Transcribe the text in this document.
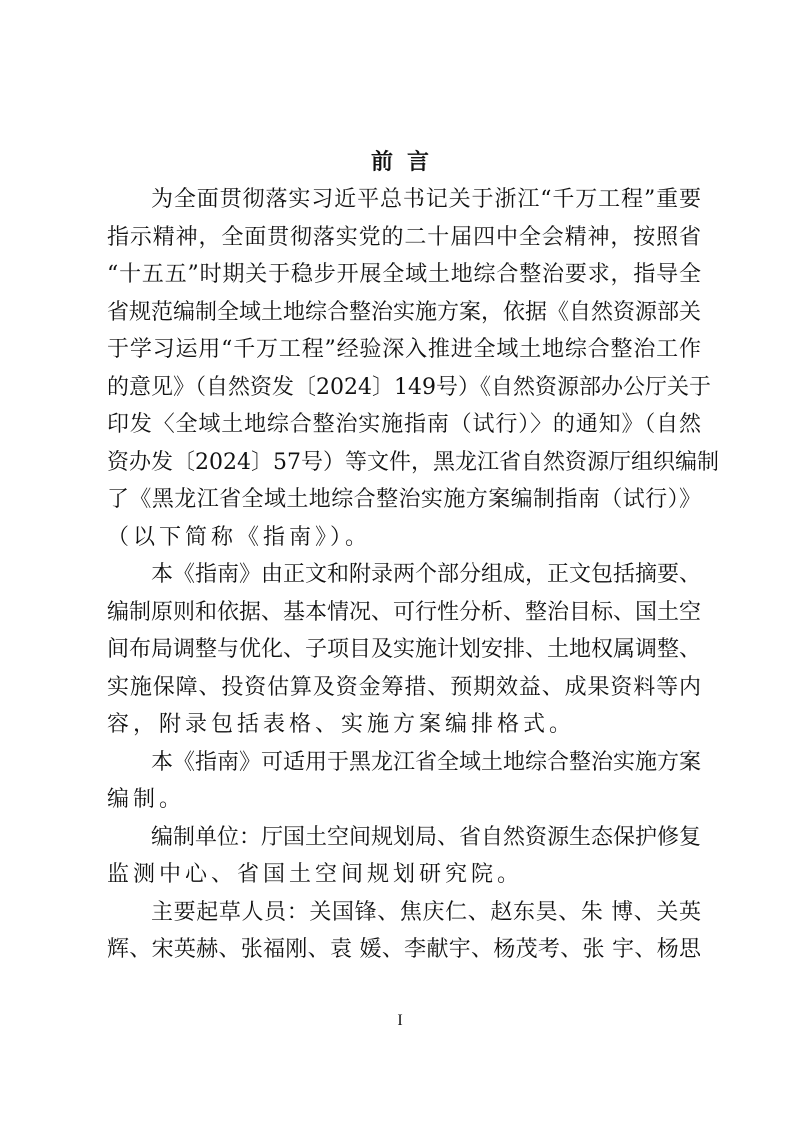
前言
为全面贯彻落实习近平总书记关于浙江“千万工程”重要
指示精神，全面贯彻落实党的二十届四中全会精神，按照省
“十五五”时期关于稳步开展全域土地综合整治要求，指导全
省规范编制全域土地综合整治实施方案，依据《自然资源部关
于学习运用“千万工程”经验深入推进全域土地综合整治工作
的意见》（自然资发〔2024〕149号）《自然资源部办公厅关于
印发〈全域土地综合整治实施指南（试行）〉的通知》（自然
资办发〔2024〕57号）等文件，黑龙江省自然资源厅组织编制
了《黑龙江省全域土地综合整治实施方案编制指南（试行）》
（以下简称《指南》）。
本《指南》由正文和附录两个部分组成，正文包括摘要、
编制原则和依据、基本情况、可行性分析、整治目标、国土空
间布局调整与优化、子项目及实施计划安排、土地权属调整、
实施保障、投资估算及资金筹措、预期效益、成果资料等内
容，附录包括表格、实施方案编排格式。
本《指南》可适用于黑龙江省全域土地综合整治实施方案
编制。
编制单位：厅国土空间规划局、省自然资源生态保护修复
监测中心、省国土空间规划研究院。
主要起草人员：关国锋、焦庆仁、赵东昊、朱 博、关英
辉、宋英赫、张福刚、袁 媛、李献宇、杨茂考、张 宇、杨思
I
